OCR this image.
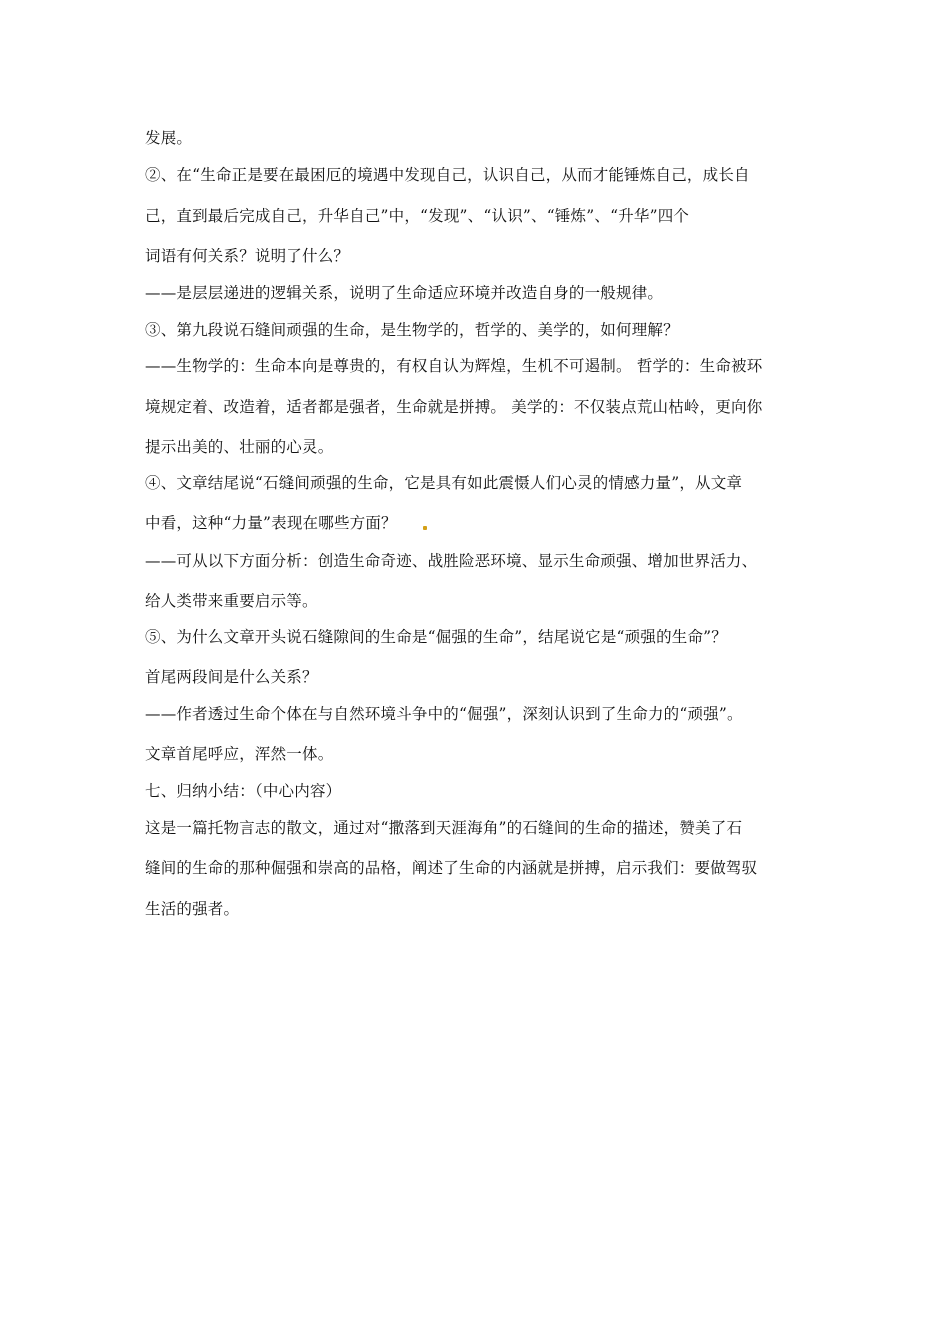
发展。
②、在“生命正是要在最困厄的境遇中发现自己，认识自己，从而才能锤炼自己，成长自
己，直到最后完成自己，升华自己”中，“发现”、“认识”、“锤炼”、“升华”四个
词语有何关系？说明了什么？
——是层层递进的逻辑关系，说明了生命适应环境并改造自身的一般规律。
③、第九段说石缝间顽强的生命，是生物学的，哲学的、美学的，如何理解？
——生物学的：生命本向是尊贵的，有权自认为辉煌，生机不可遏制。 哲学的：生命被环
境规定着、改造着，适者都是强者，生命就是拼搏。 美学的：不仅装点荒山枯岭，更向你
提示出美的、壮丽的心灵。
④、文章结尾说“石缝间顽强的生命，它是具有如此震慑人们心灵的情感力量”，从文章
中看，这种“力量”表现在哪些方面？
——可从以下方面分析：创造生命奇迹、战胜险恶环境、显示生命顽强、增加世界活力、
给人类带来重要启示等。
⑤、为什么文章开头说石缝隙间的生命是“倔强的生命”，结尾说它是“顽强的生命”？
首尾两段间是什么关系？
——作者透过生命个体在与自然环境斗争中的“倔强”，深刻认识到了生命力的“顽强”。
文章首尾呼应，浑然一体。
七、归纳小结：（中心内容）
这是一篇托物言志的散文，通过对“撒落到天涯海角”的石缝间的生命的描述，赞美了石
缝间的生命的那种倔强和崇高的品格，阐述了生命的内涵就是拼搏，启示我们：要做驾驭
生活的强者。
